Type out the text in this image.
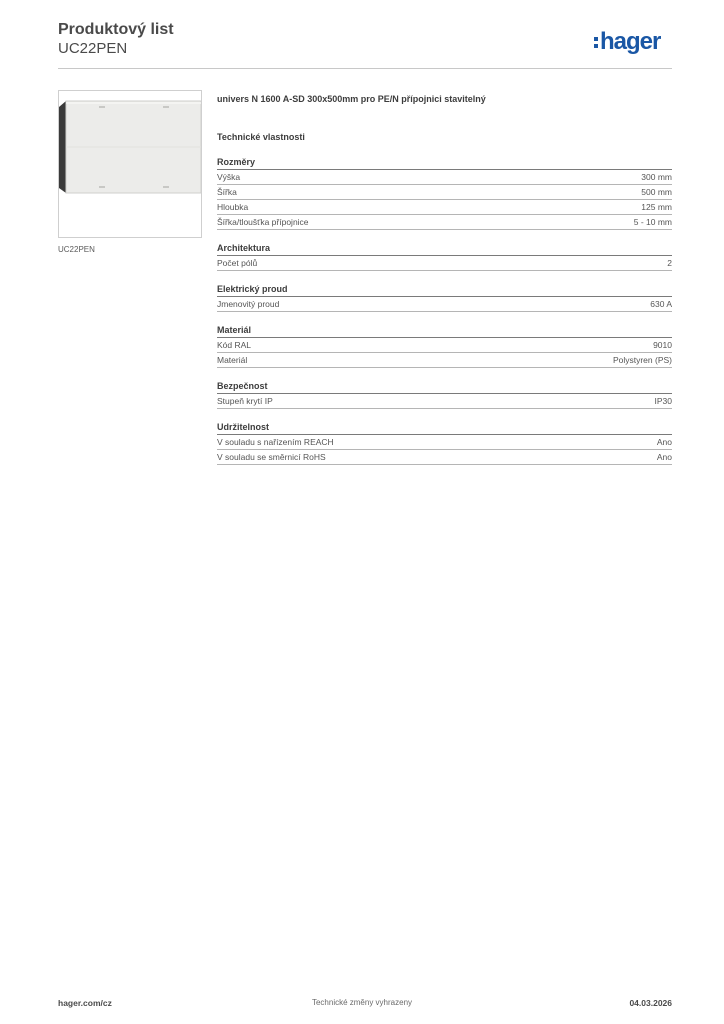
Produktový list
UC22PEN	hager
UC22PEN
univers N 1600 A-SD 300x500mm pro PE/N přípojnici stavitelný
Technické vlastnosti
Rozměry
Výška	300 mm
Šířka	500 mm
Hloubka	125 mm
Šířka/tloušťka přípojnice	5 - 10 mm
Architektura
Počet pólů	2
Elektrický proud
Jmenovitý proud	630 A
Materiál
Kód RAL	9010
Materiál	Polystyren (PS)
Bezpečnost
Stupeň krytí IP	IP30
Udržitelnost
V souladu s nařízením REACH	Ano
V souladu se směrnicí RoHS	Ano
hager.com/cz	Technické změny vyhrazeny	04.03.2026
